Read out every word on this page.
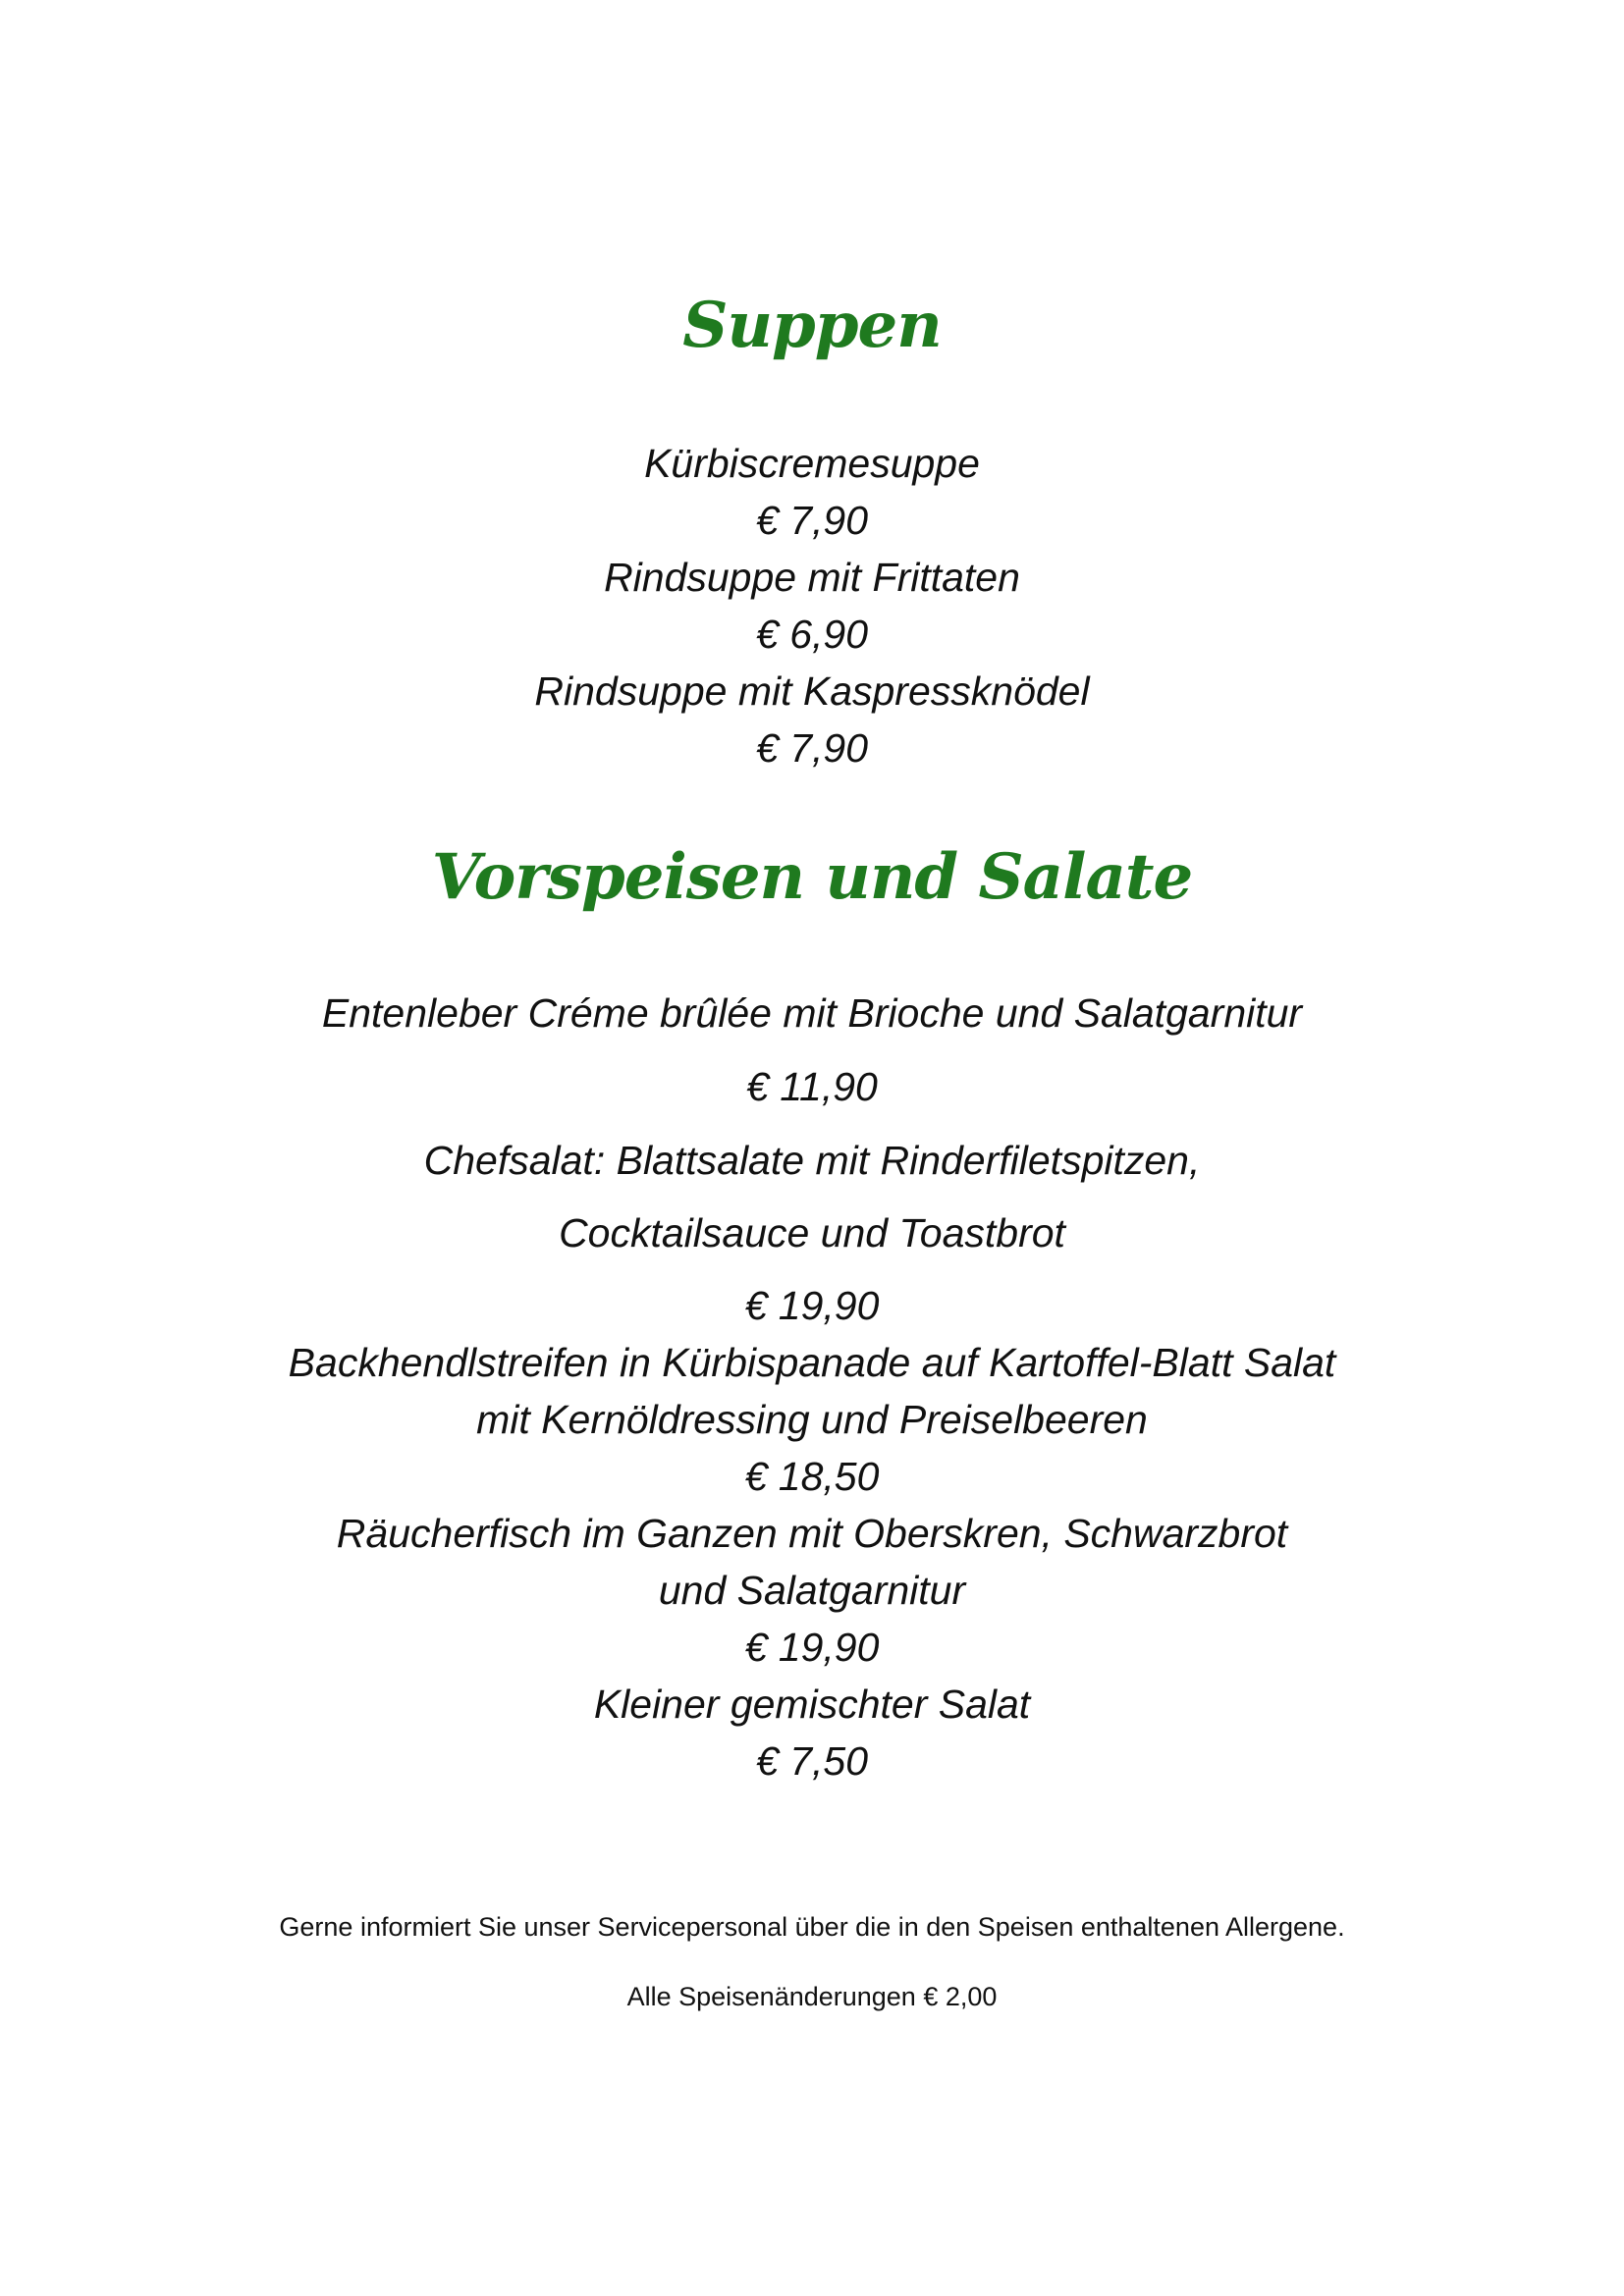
Suppen
Kürbiscremesuppe
€ 7,90
Rindsuppe mit Frittaten
€ 6,90
Rindsuppe mit Kaspressknödel
€ 7,90
Vorspeisen und Salate
Entenleber Créme brûlée mit Brioche und Salatgarnitur
€ 11,90
Chefsalat: Blattsalate mit Rinderfiletspitzen,
Cocktailsauce und Toastbrot
€ 19,90
Backhendlstreifen in Kürbispanade auf Kartoffel-Blatt Salat
mit Kernöldressing und Preiselbeeren
€ 18,50
Räucherfisch im Ganzen mit Oberskren, Schwarzbrot
und Salatgarnitur
€ 19,90
Kleiner gemischter Salat
€ 7,50
Gerne informiert Sie unser Servicepersonal über die in den Speisen enthaltenen Allergene.
Alle Speisenänderungen € 2,00
